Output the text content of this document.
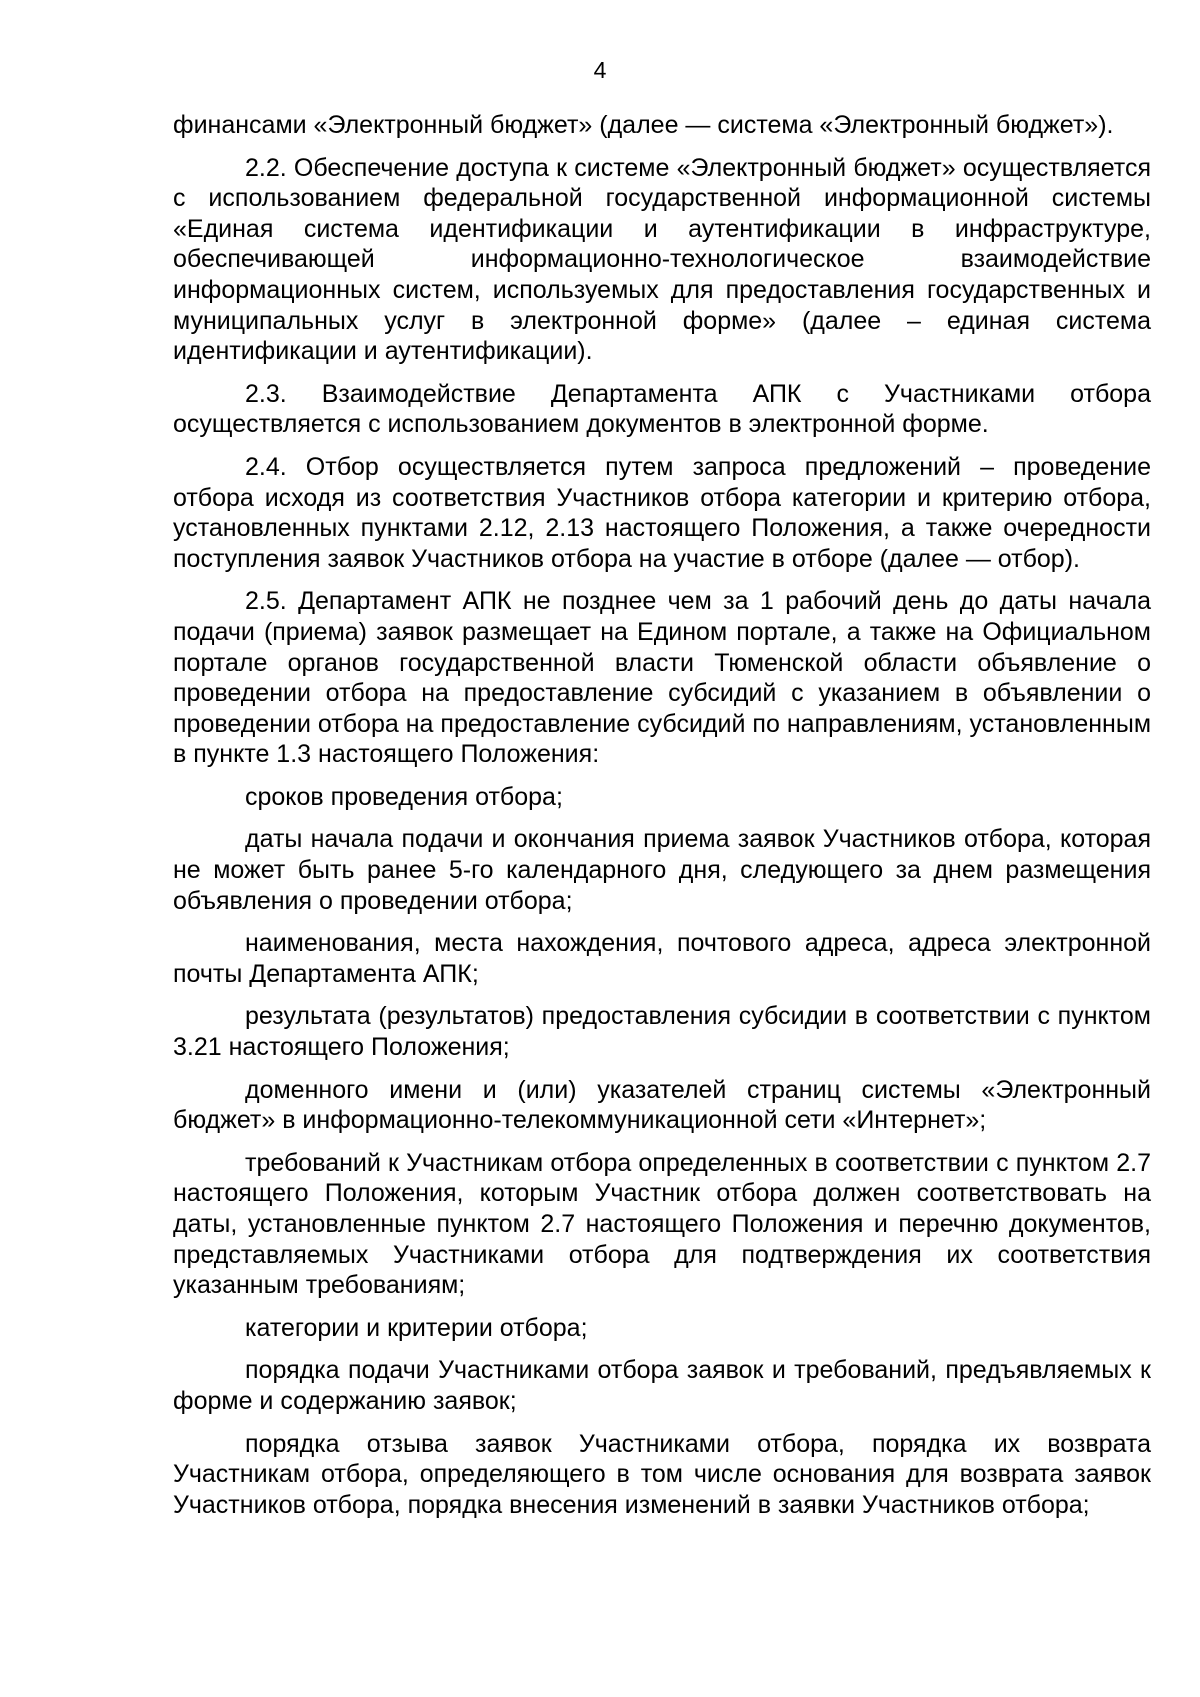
4

финансами «Электронный бюджет» (далее — система «Электронный бюджет»).

2.2. Обеспечение доступа к системе «Электронный бюджет» осуществляется с использованием федеральной государственной информационной системы «Единая система идентификации и аутентификации в инфраструктуре, обеспечивающей информационно-технологическое взаимодействие информационных систем, используемых для предоставления государственных и муниципальных услуг в электронной форме» (далее – единая система идентификации и аутентификации).

2.3. Взаимодействие Департамента АПК с Участниками отбора осуществляется с использованием документов в электронной форме.

2.4. Отбор осуществляется путем запроса предложений – проведение отбора исходя из соответствия Участников отбора категории и критерию отбора, установленных пунктами 2.12, 2.13 настоящего Положения, а также очередности поступления заявок Участников отбора на участие в отборе (далее — отбор).

2.5. Департамент АПК не позднее чем за 1 рабочий день до даты начала подачи (приема) заявок размещает на Едином портале, а также на Официальном портале органов государственной власти Тюменской области объявление о проведении отбора на предоставление субсидий с указанием в объявлении о проведении отбора на предоставление субсидий по направлениям, установленным в пункте 1.3 настоящего Положения:

сроков проведения отбора;

даты начала подачи и окончания приема заявок Участников отбора, которая не может быть ранее 5-го календарного дня, следующего за днем размещения объявления о проведении отбора;

наименования, места нахождения, почтового адреса, адреса электронной почты Департамента АПК;

результата (результатов) предоставления субсидии в соответствии с пунктом 3.21 настоящего Положения;

доменного имени и (или) указателей страниц системы «Электронный бюджет» в информационно-телекоммуникационной сети «Интернет»;

требований к Участникам отбора определенных в соответствии с пунктом 2.7 настоящего Положения, которым Участник отбора должен соответствовать на даты, установленные пунктом 2.7 настоящего Положения и перечню документов, представляемых Участниками отбора для подтверждения их соответствия указанным требованиям;

категории и критерии отбора;

порядка подачи Участниками отбора заявок и требований, предъявляемых к форме и содержанию заявок;

порядка отзыва заявок Участниками отбора, порядка их возврата Участникам отбора, определяющего в том числе основания для возврата заявок Участников отбора, порядка внесения изменений в заявки Участников отбора;
